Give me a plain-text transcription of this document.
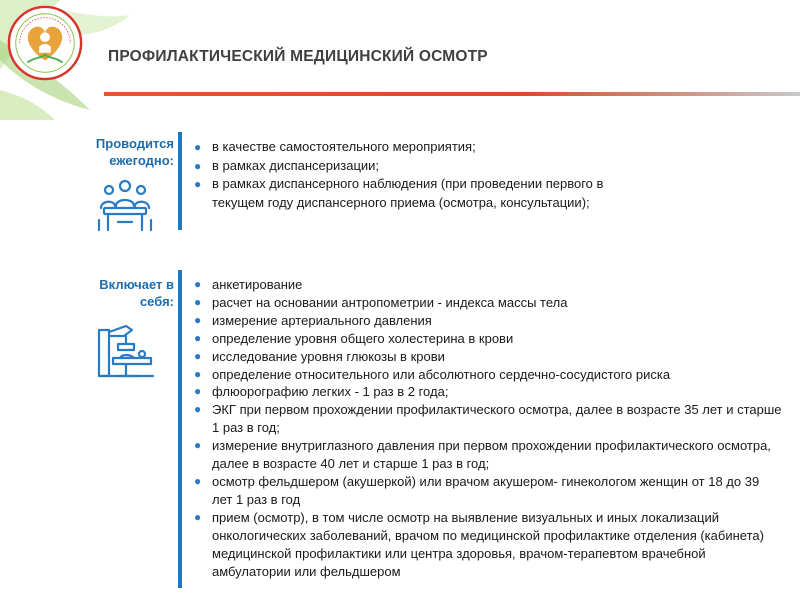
ПРОФИЛАКТИЧЕСКИЙ МЕДИЦИНСКИЙ ОСМОТР
Проводится
ежегодно:
● в качестве самостоятельного мероприятия;
● в рамках диспансеризации;
● в рамках диспансерного наблюдения (при проведении первого в текущем году диспансерного приема (осмотра, консультации);
Включает в
себя:
● анкетирование
● расчет на основании антропометрии - индекса массы тела
● измерение артериального давления
● определение уровня общего холестерина в крови
● исследование уровня глюкозы в крови
● определение относительного или абсолютного сердечно-сосудистого риска
● флюорографию легких - 1 раз в 2 года;
● ЭКГ при первом прохождении профилактического осмотра, далее в возрасте 35 лет и старше 1 раз в год;
● измерение внутриглазного давления при первом прохождении профилактического осмотра, далее в возрасте 40 лет и старше 1 раз в год;
● осмотр фельдшером (акушеркой) или врачом акушером- гинекологом женщин от 18 до 39 лет 1 раз в год
● прием (осмотр), в том числе осмотр на выявление визуальных и иных локализаций онкологических заболеваний, врачом по медицинской профилактике отделения (кабинета) медицинской профилактики или центра здоровья, врачом-терапевтом врачебной амбулатории или фельдшером
